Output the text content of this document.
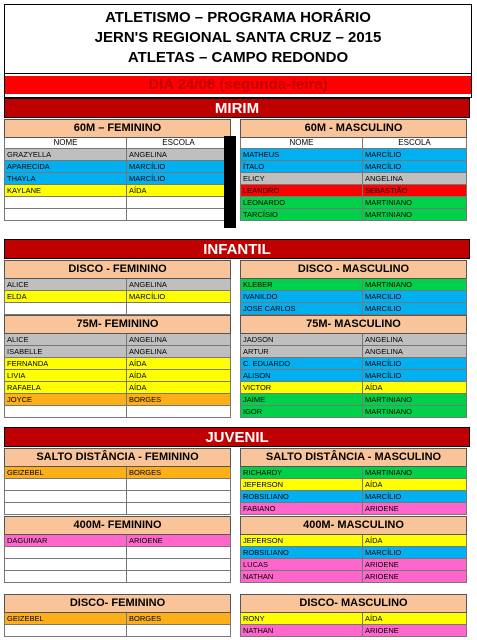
ATLETISMO – PROGRAMA HORÁRIO
JERN'S REGIONAL SANTA CRUZ – 2015
ATLETAS – CAMPO REDONDO
DIA 24/08 (segunda-feira)
MIRIM
INFANTIL
JUVENIL
60M – FEMININO	
NOME	ESCOLA
GRAZYELLA	ANGELINA
APARECIDA	MARCÍLIO
THAYLA	MARCÍLIO
KAYLANE	AÍDA

60M - MASCULINO	
NOME	ESCOLA
MATHEUS	MARCÍLIO
ÍTALO	MARCÍLIO
ELICY	ANGELINA
LEANDRO	SEBASTIÃO
LEONARDO	MARTINIANO
TARCÍSIO	MARTINIANO
DISCO - FEMININO	
ALICE	ANGELINA
ELDA	MARCÍLIO

DISCO - MASCULINO	
KLEBER	MARTINIANO
IVANILDO	MARCILIO
JOSE CARLOS	MARCILIO
75M- FEMININO	
ALICE	ANGELINA
ISABELLE	ANGELINA
FERNANDA	AÍDA
LIVIA	AÍDA
RAFAELA	AÍDA
JOYCE	BORGES

75M- MASCULINO	
JADSON	ANGELINA
ARTUR	ANGELINA
C. EDUARDO	MARCÍLIO
ALISON	MARCÍLIO
VICTOR	AÍDA
JAIME	MARTINIANO
IGOR	MARTINIANO
SALTO DISTÂNCIA - FEMININO	
GEIZEBEL	BORGES

SALTO DISTÂNCIA - MASCULINO	
RICHARDY	MARTINIANO
JEFERSON	AÍDA
ROBSILIANO	MARCÍLIO
FABIANO	ARIOENE
400M- FEMININO	
DAGUIMAR	ARIOENE

400M- MASCULINO	
JEFERSON	AÍDA
ROBSILIANO	MARCÍLIO
LUCAS	ARIOENE
NATHAN	ARIOENE
DISCO- FEMININO	
GEIZEBEL	BORGES

DISCO- MASCULINO	
RONY	AÍDA
NATHAN	ARIOENE
